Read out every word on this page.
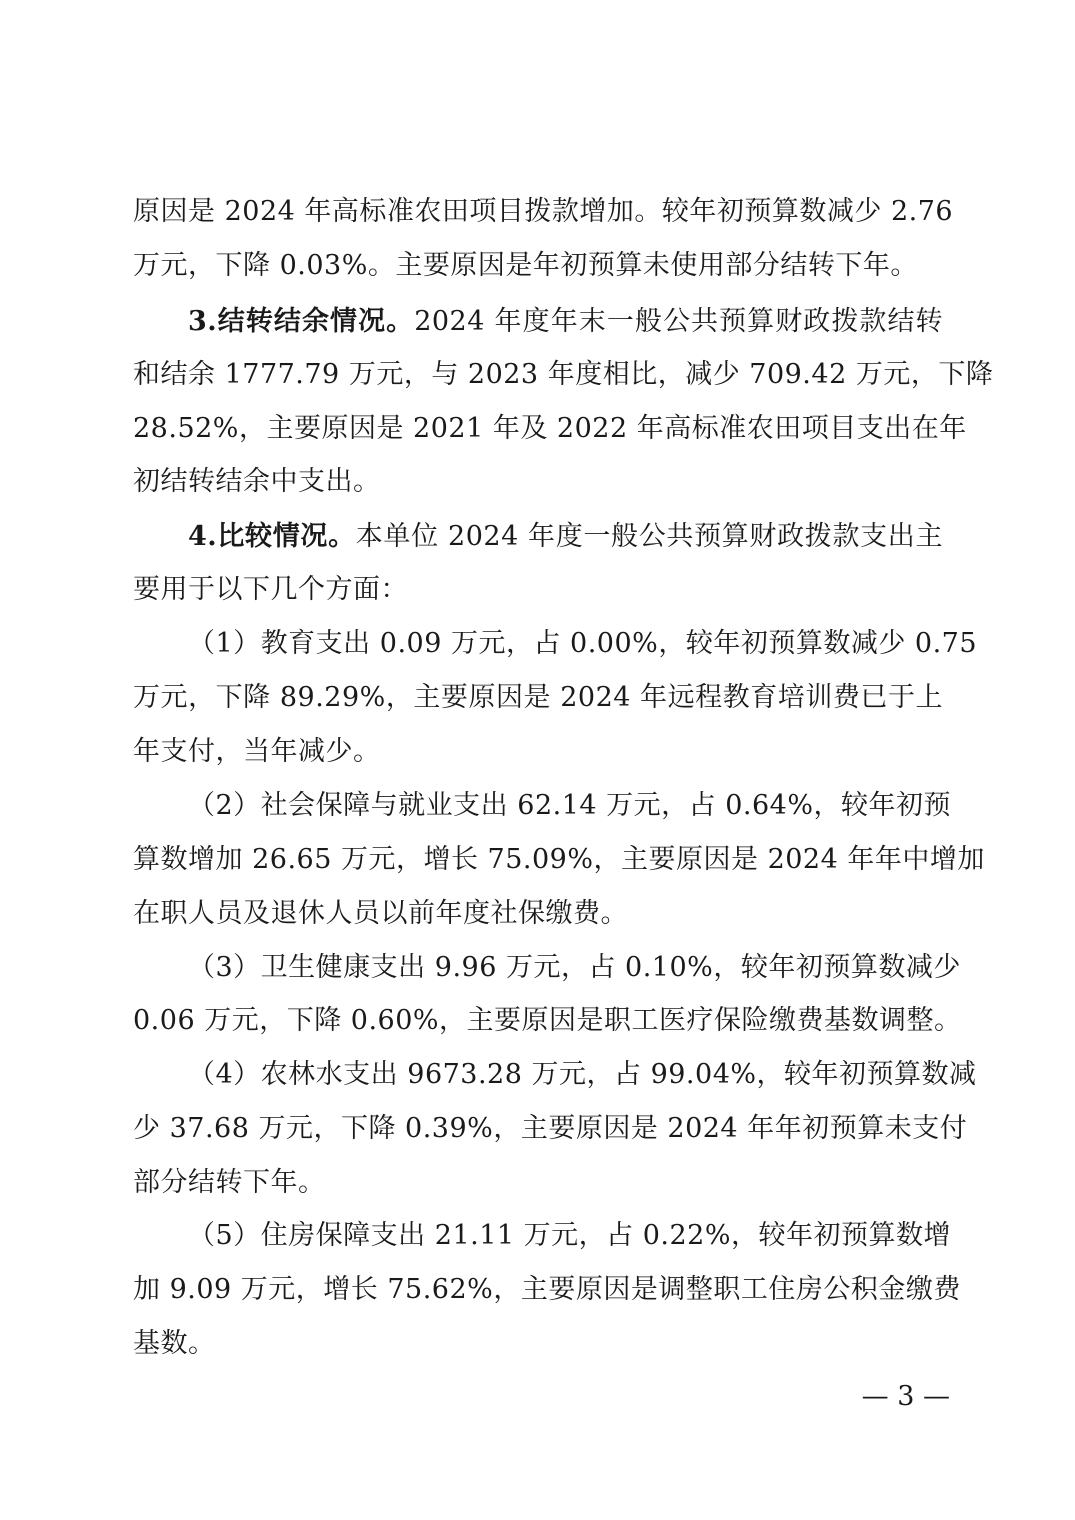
原因是 2024 年高标准农田项目拨款增加。较年初预算数减少 2.76
万元，下降 0.03%。主要原因是年初预算未使用部分结转下年。
3.结转结余情况。2024 年度年末一般公共预算财政拨款结转
和结余 1777.79 万元，与 2023 年度相比，减少 709.42 万元，下降
28.52%，主要原因是 2021 年及 2022 年高标准农田项目支出在年
初结转结余中支出。
4.比较情况。本单位 2024 年度一般公共预算财政拨款支出主
要用于以下几个方面：
（1）教育支出 0.09 万元，占 0.00%，较年初预算数减少 0.75
万元，下降 89.29%，主要原因是 2024 年远程教育培训费已于上
年支付，当年减少。
（2）社会保障与就业支出 62.14 万元，占 0.64%，较年初预
算数增加 26.65 万元，增长 75.09%，主要原因是 2024 年年中增加
在职人员及退休人员以前年度社保缴费。
（3）卫生健康支出 9.96 万元，占 0.10%，较年初预算数减少
0.06 万元，下降 0.60%，主要原因是职工医疗保险缴费基数调整。
（4）农林水支出 9673.28 万元，占 99.04%，较年初预算数减
少 37.68 万元，下降 0.39%，主要原因是 2024 年年初预算未支付
部分结转下年。
（5）住房保障支出 21.11 万元，占 0.22%，较年初预算数增
加 9.09 万元，增长 75.62%，主要原因是调整职工住房公积金缴费
基数。
— 3 —
